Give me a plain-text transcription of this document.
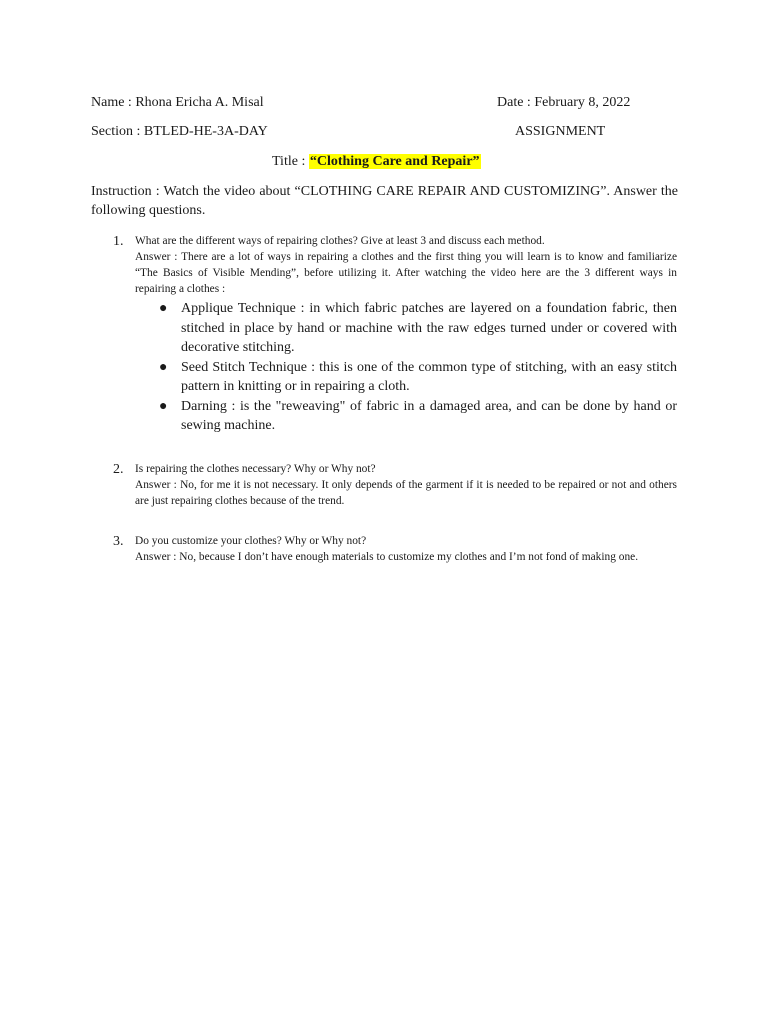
Name : Rhona Ericha A. Misal	Date : February 8, 2022
Section : BTLED-HE-3A-DAY	ASSIGNMENT
Title : “Clothing Care and Repair”
Instruction : Watch the video about “CLOTHING CARE REPAIR AND CUSTOMIZING”. Answer the following questions.
1. What are the different ways of repairing clothes? Give at least 3 and discuss each method.
Answer : There are a lot of ways in repairing a clothes and the first thing you will learn is to know and familiarize “The Basics of Visible Mending”, before utilizing it. After watching the video here are the 3 different ways in repairing a clothes :
● Applique Technique : in which fabric patches are layered on a foundation fabric, then stitched in place by hand or machine with the raw edges turned under or covered with decorative stitching.
● Seed Stitch Technique : this is one of the common type of stitching, with an easy stitch pattern in knitting or in repairing a cloth.
● Darning : is the "reweaving" of fabric in a damaged area, and can be done by hand or sewing machine.
2. Is repairing the clothes necessary? Why or Why not?
Answer : No, for me it is not necessary. It only depends of the garment if it is needed to be repaired or not and others are just repairing clothes because of the trend.
3. Do you customize your clothes? Why or Why not?
Answer : No, because I don’t have enough materials to customize my clothes and I’m not fond of making one.
